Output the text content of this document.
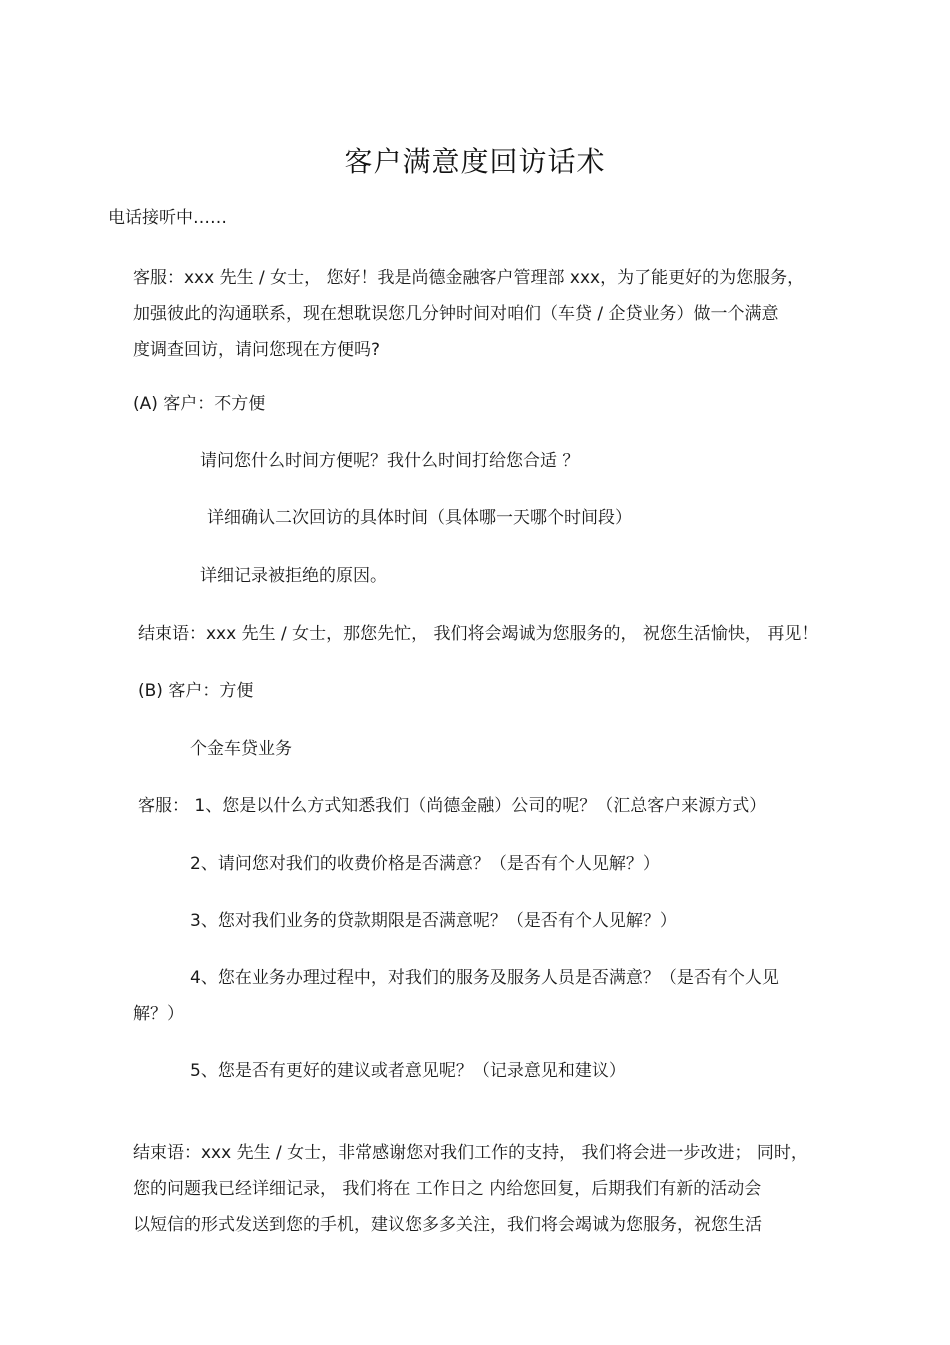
客户满意度回访话术
电话接听中……
客服：xxx 先生 / 女士， 您好！我是尚德金融客户管理部 xxx，为了能更好的为您服务，
加强彼此的沟通联系，现在想耽误您几分钟时间对咱们（车贷 / 企贷业务）做一个满意
度调查回访，请问您现在方便吗?
(A) 客户：不方便
请问您什么时间方便呢？我什么时间打给您合适 ？
详细确认二次回访的具体时间（具体哪一天哪个时间段）
详细记录被拒绝的原因。
结束语：xxx 先生 / 女士，那您先忙， 我们将会竭诚为您服务的， 祝您生活愉快， 再见！
(B) 客户：方便
个金车贷业务
客服： 1、您是以什么方式知悉我们（尚德金融）公司的呢？（汇总客户来源方式）
2、请问您对我们的收费价格是否满意？（是否有个人见解？）
3、您对我们业务的贷款期限是否满意呢？（是否有个人见解？）
4、您在业务办理过程中，对我们的服务及服务人员是否满意？（是否有个人见
解？）
5、您是否有更好的建议或者意见呢？（记录意见和建议）
结束语：xxx 先生 / 女士，非常感谢您对我们工作的支持， 我们将会进一步改进； 同时，
您的问题我已经详细记录， 我们将在 工作日之 内给您回复，后期我们有新的活动会
以短信的形式发送到您的手机，建议您多多关注，我们将会竭诚为您服务，祝您生活
